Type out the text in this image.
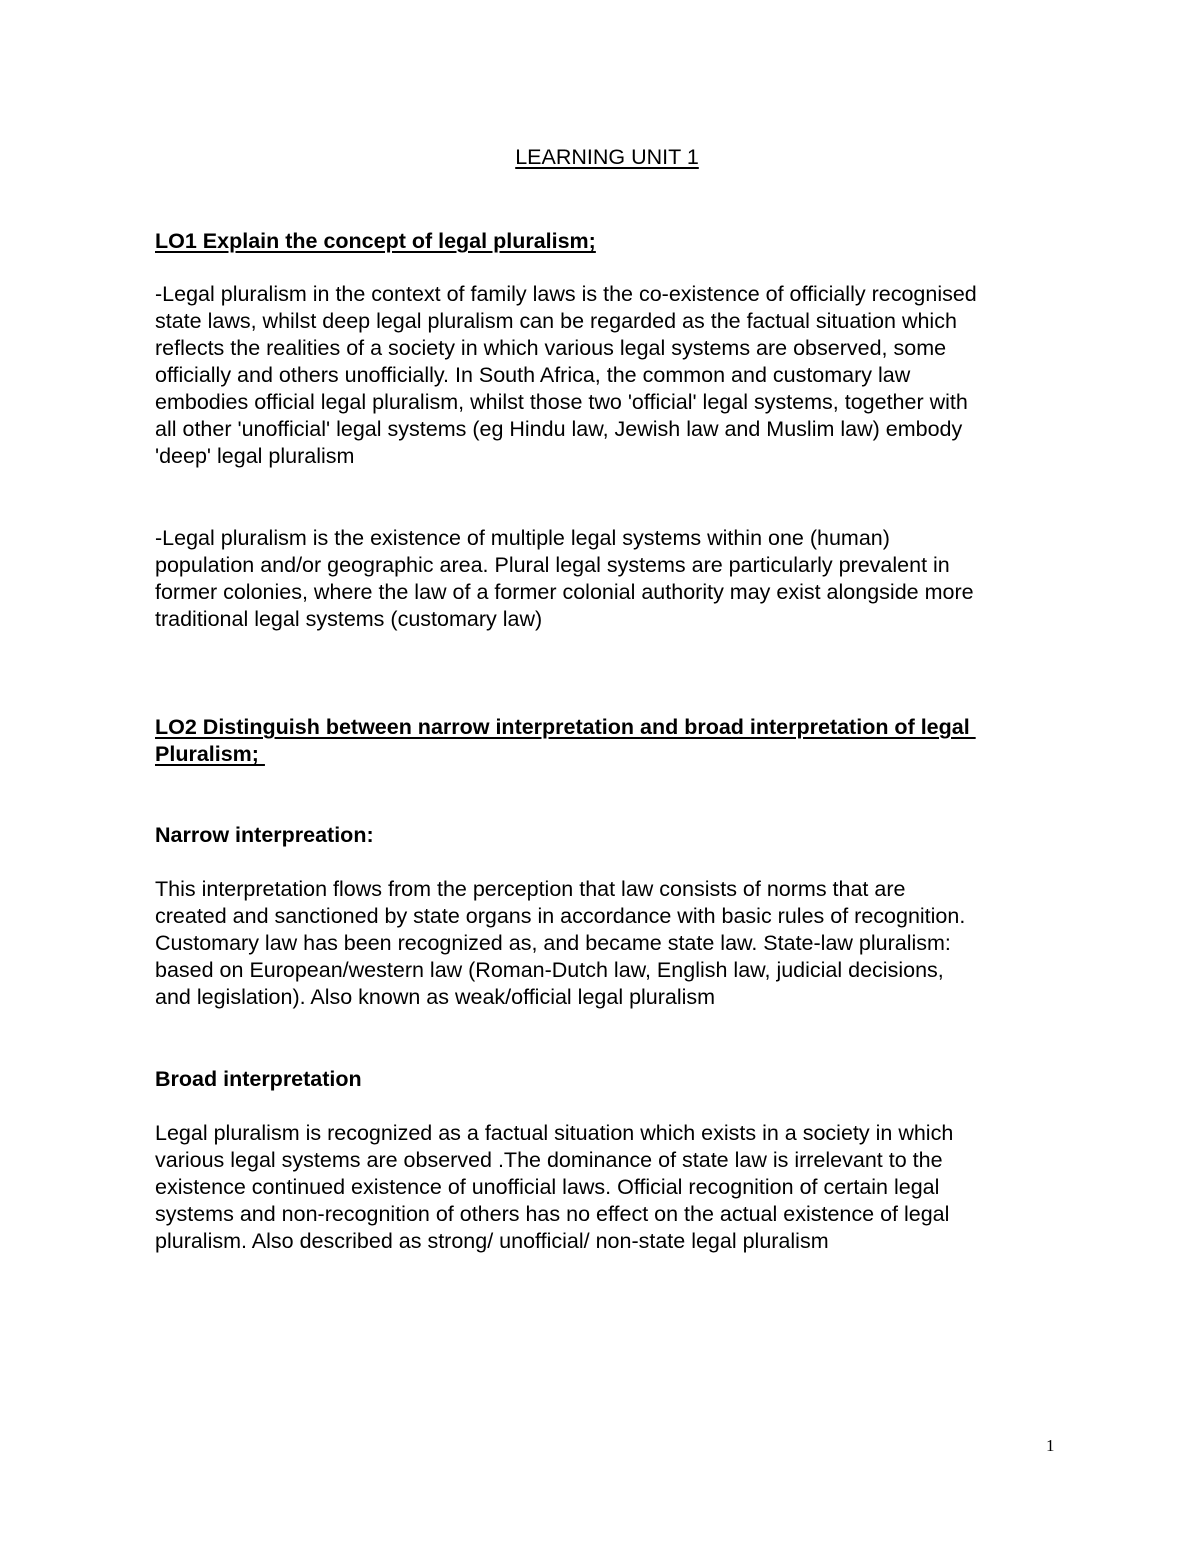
LEARNING UNIT 1
LO1 Explain the concept of legal pluralism;
-Legal pluralism in the context of family laws is the co-existence of officially recognised
state laws, whilst deep legal pluralism can be regarded as the factual situation which
reflects the realities of a society in which various legal systems are observed, some
officially and others unofficially. In South Africa, the common and customary law
embodies official legal pluralism, whilst those two 'official' legal systems, together with
all other 'unofficial' legal systems (eg Hindu law, Jewish law and Muslim law) embody
'deep' legal pluralism
-Legal pluralism is the existence of multiple legal systems within one (human)
population and/or geographic area. Plural legal systems are particularly prevalent in
former colonies, where the law of a former colonial authority may exist alongside more
traditional legal systems (customary law)
LO2 Distinguish between narrow interpretation and broad interpretation of legal
Pluralism;
Narrow interpreation:
This interpretation flows from the perception that law consists of norms that are
created and sanctioned by state organs in accordance with basic rules of recognition.
Customary law has been recognized as, and became state law. State-law pluralism:
based on European/western law (Roman-Dutch law, English law, judicial decisions,
and legislation). Also known as weak/official legal pluralism
Broad interpretation
Legal pluralism is recognized as a factual situation which exists in a society in which
various legal systems are observed .The dominance of state law is irrelevant to the
existence continued existence of unofficial laws. Official recognition of certain legal
systems and non-recognition of others has no effect on the actual existence of legal
pluralism. Also described as strong/ unofficial/ non-state legal pluralism
1
